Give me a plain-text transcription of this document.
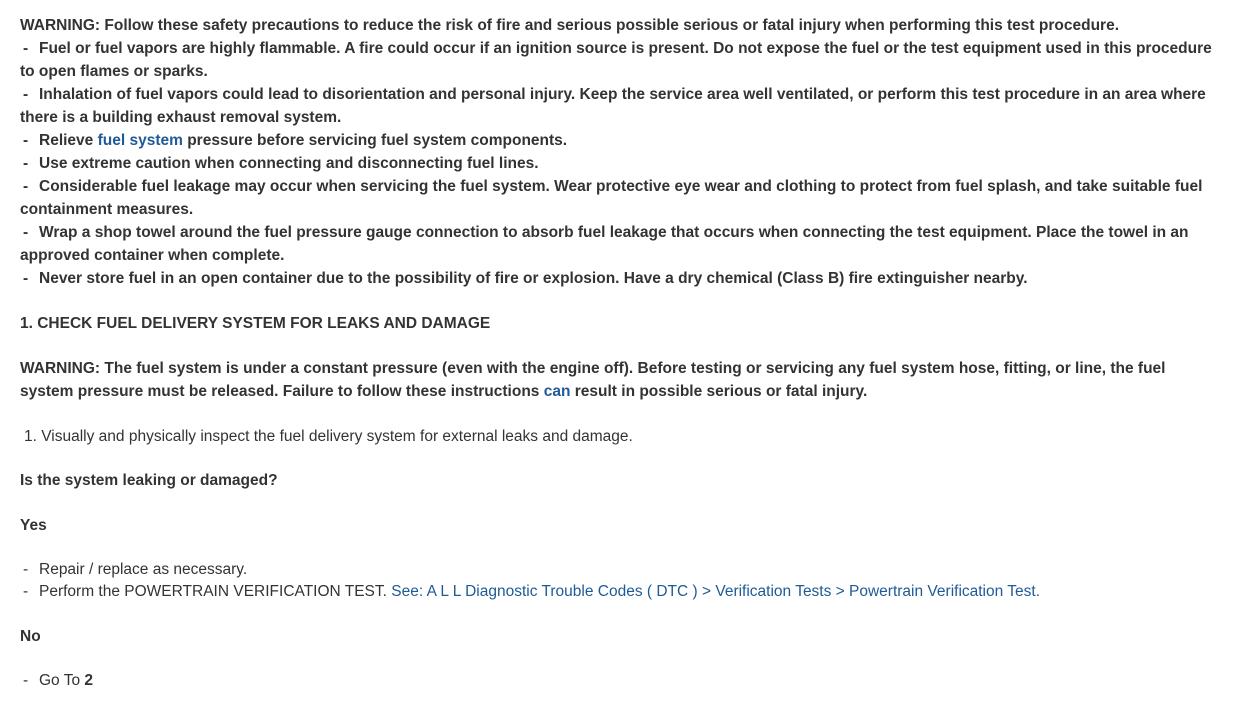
WARNING: Follow these safety precautions to reduce the risk of fire and serious possible serious or fatal injury when performing this test procedure.
- Fuel or fuel vapors are highly flammable. A fire could occur if an ignition source is present. Do not expose the fuel or the test equipment used in this procedure to open flames or sparks.
- Inhalation of fuel vapors could lead to disorientation and personal injury. Keep the service area well ventilated, or perform this test procedure in an area where there is a building exhaust removal system.
- Relieve fuel system pressure before servicing fuel system components.
- Use extreme caution when connecting and disconnecting fuel lines.
- Considerable fuel leakage may occur when servicing the fuel system. Wear protective eye wear and clothing to protect from fuel splash, and take suitable fuel containment measures.
- Wrap a shop towel around the fuel pressure gauge connection to absorb fuel leakage that occurs when connecting the test equipment. Place the towel in an approved container when complete.
- Never store fuel in an open container due to the possibility of fire or explosion. Have a dry chemical (Class B) fire extinguisher nearby.
1. CHECK FUEL DELIVERY SYSTEM FOR LEAKS AND DAMAGE
WARNING: The fuel system is under a constant pressure (even with the engine off). Before testing or servicing any fuel system hose, fitting, or line, the fuel system pressure must be released. Failure to follow these instructions can result in possible serious or fatal injury.
1. Visually and physically inspect the fuel delivery system for external leaks and damage.
Is the system leaking or damaged?
Yes
- Repair / replace as necessary.
- Perform the POWERTRAIN VERIFICATION TEST. See: A L L Diagnostic Trouble Codes ( DTC ) > Verification Tests > Powertrain Verification Test.
No
- Go To 2
